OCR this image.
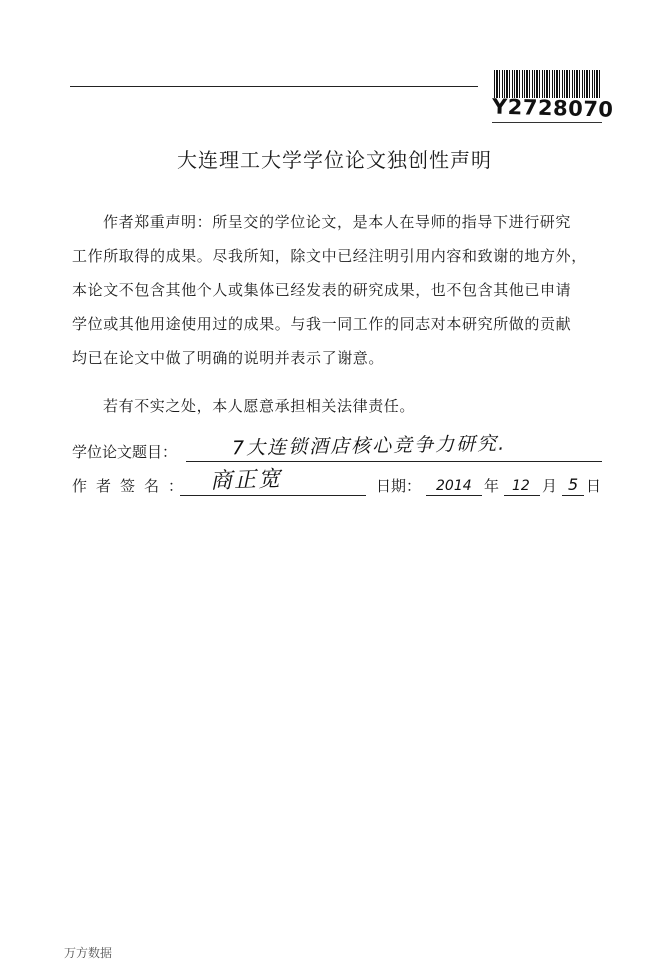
Y2728070
大连理工大学学位论文独创性声明

作者郑重声明：所呈交的学位论文，是本人在导师的指导下进行研究

工作所取得的成果。尽我所知，除文中已经注明引用内容和致谢的地方外，

本论文不包含其他个人或集体已经发表的研究成果，也不包含其他已申请

学位或其他用途使用过的成果。与我一同工作的同志对本研究所做的贡献

均已在论文中做了明确的说明并表示了谢意。

若有不实之处，本人愿意承担相关法律责任。
学位论文题目：	7大连锁酒店核心竞争力研究.
作者签名： 商正宽	日期： 2014 年 12 月 5 日
万方数据
